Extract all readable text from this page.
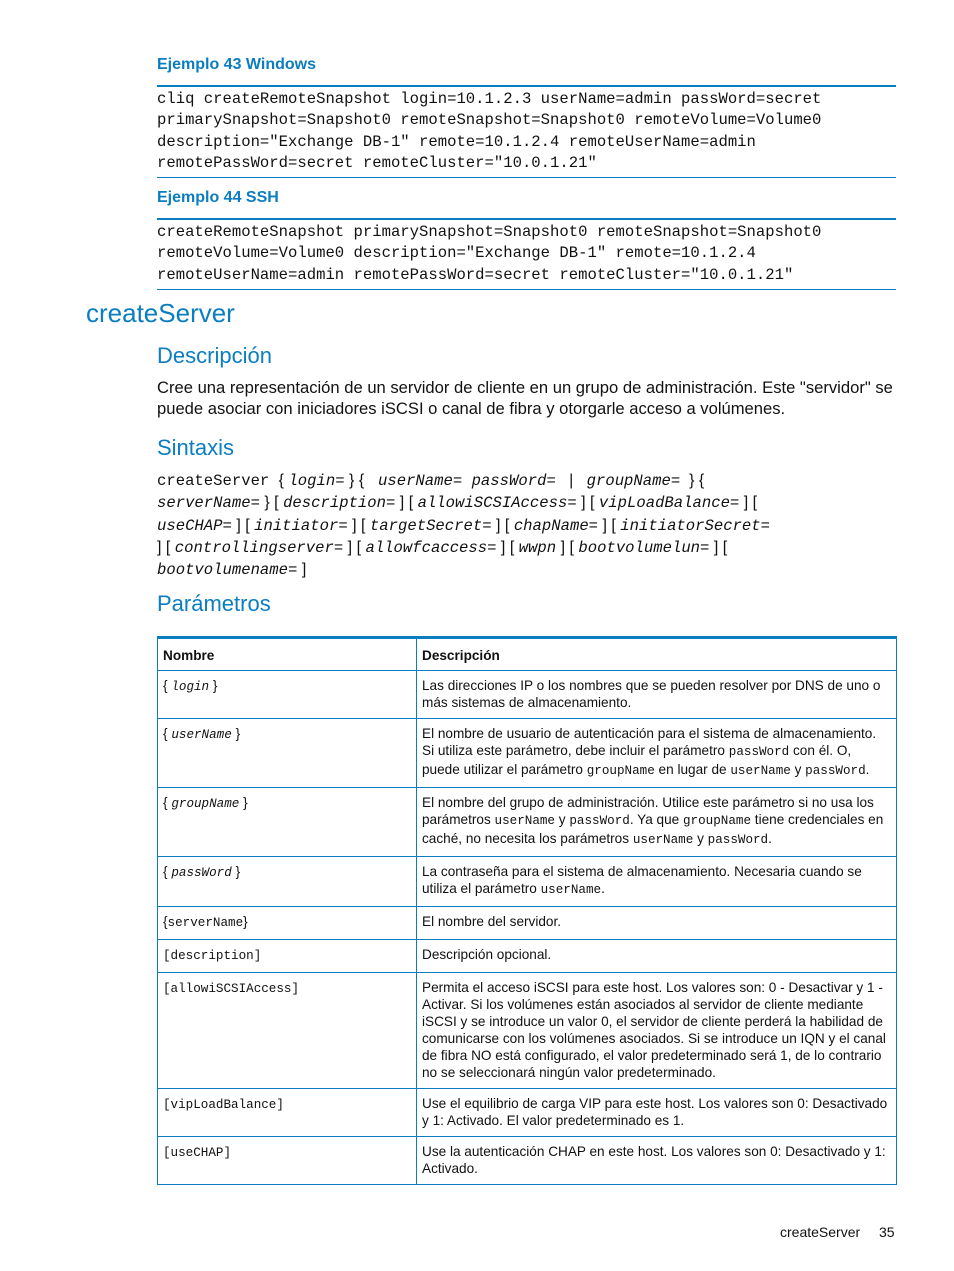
Ejemplo 43 Windows
cliq createRemoteSnapshot login=10.1.2.3 userName=admin passWord=secret
primarySnapshot=Snapshot0 remoteSnapshot=Snapshot0 remoteVolume=Volume0
description="Exchange DB-1" remote=10.1.2.4 remoteUserName=admin
remotePassWord=secret remoteCluster="10.0.1.21"
Ejemplo 44 SSH
createRemoteSnapshot primarySnapshot=Snapshot0 remoteSnapshot=Snapshot0
remoteVolume=Volume0 description="Exchange DB-1" remote=10.1.2.4
remoteUserName=admin remotePassWord=secret remoteCluster="10.0.1.21"
createServer
Descripción
Cree una representación de un servidor de cliente en un grupo de administración. Este "servidor" se puede asociar con iniciadores iSCSI o canal de fibra y otorgarle acceso a volúmenes.
Sintaxis
createServer { login= } {  userName= passWord=   |   groupName=  } {
serverName= } [ description= ] [ allowiSCSIAccess= ] [ vipLoadBalance= ] [
useCHAP= ] [ initiator= ] [ targetSecret= ] [ chapName= ] [ initiatorSecret=
] [ controllingserver= ] [ allowfcaccess= ] [ wwpn ] [ bootvolumelun= ] [
bootvolumename= ]
Parámetros
Nombre	Descripción
{ login }	Las direcciones IP o los nombres que se pueden resolver por DNS de uno o más sistemas de almacenamiento.
{ userName }	El nombre de usuario de autenticación para el sistema de almacenamiento. Si utiliza este parámetro, debe incluir el parámetro passWord con él. O, puede utilizar el parámetro groupName en lugar de userName y passWord.
{ groupName }	El nombre del grupo de administración. Utilice este parámetro si no usa los parámetros userName y passWord. Ya que groupName tiene credenciales en caché, no necesita los parámetros userName y passWord.
{ passWord }	La contraseña para el sistema de almacenamiento. Necesaria cuando se utiliza el parámetro userName.
{serverName}	El nombre del servidor.
[description]	Descripción opcional.
[allowiSCSIAccess]	Permita el acceso iSCSI para este host. Los valores son: 0 - Desactivar y 1 - Activar. Si los volúmenes están asociados al servidor de cliente mediante iSCSI y se introduce un valor 0, el servidor de cliente perderá la habilidad de comunicarse con los volúmenes asociados. Si se introduce un IQN y el canal de fibra NO está configurado, el valor predeterminado será 1, de lo contrario no se seleccionará ningún valor predeterminado.
[vipLoadBalance]	Use el equilibrio de carga VIP para este host. Los valores son 0: Desactivado y 1: Activado. El valor predeterminado es 1.
[useCHAP]	Use la autenticación CHAP en este host. Los valores son 0: Desactivado y 1: Activado.
createServer 35
